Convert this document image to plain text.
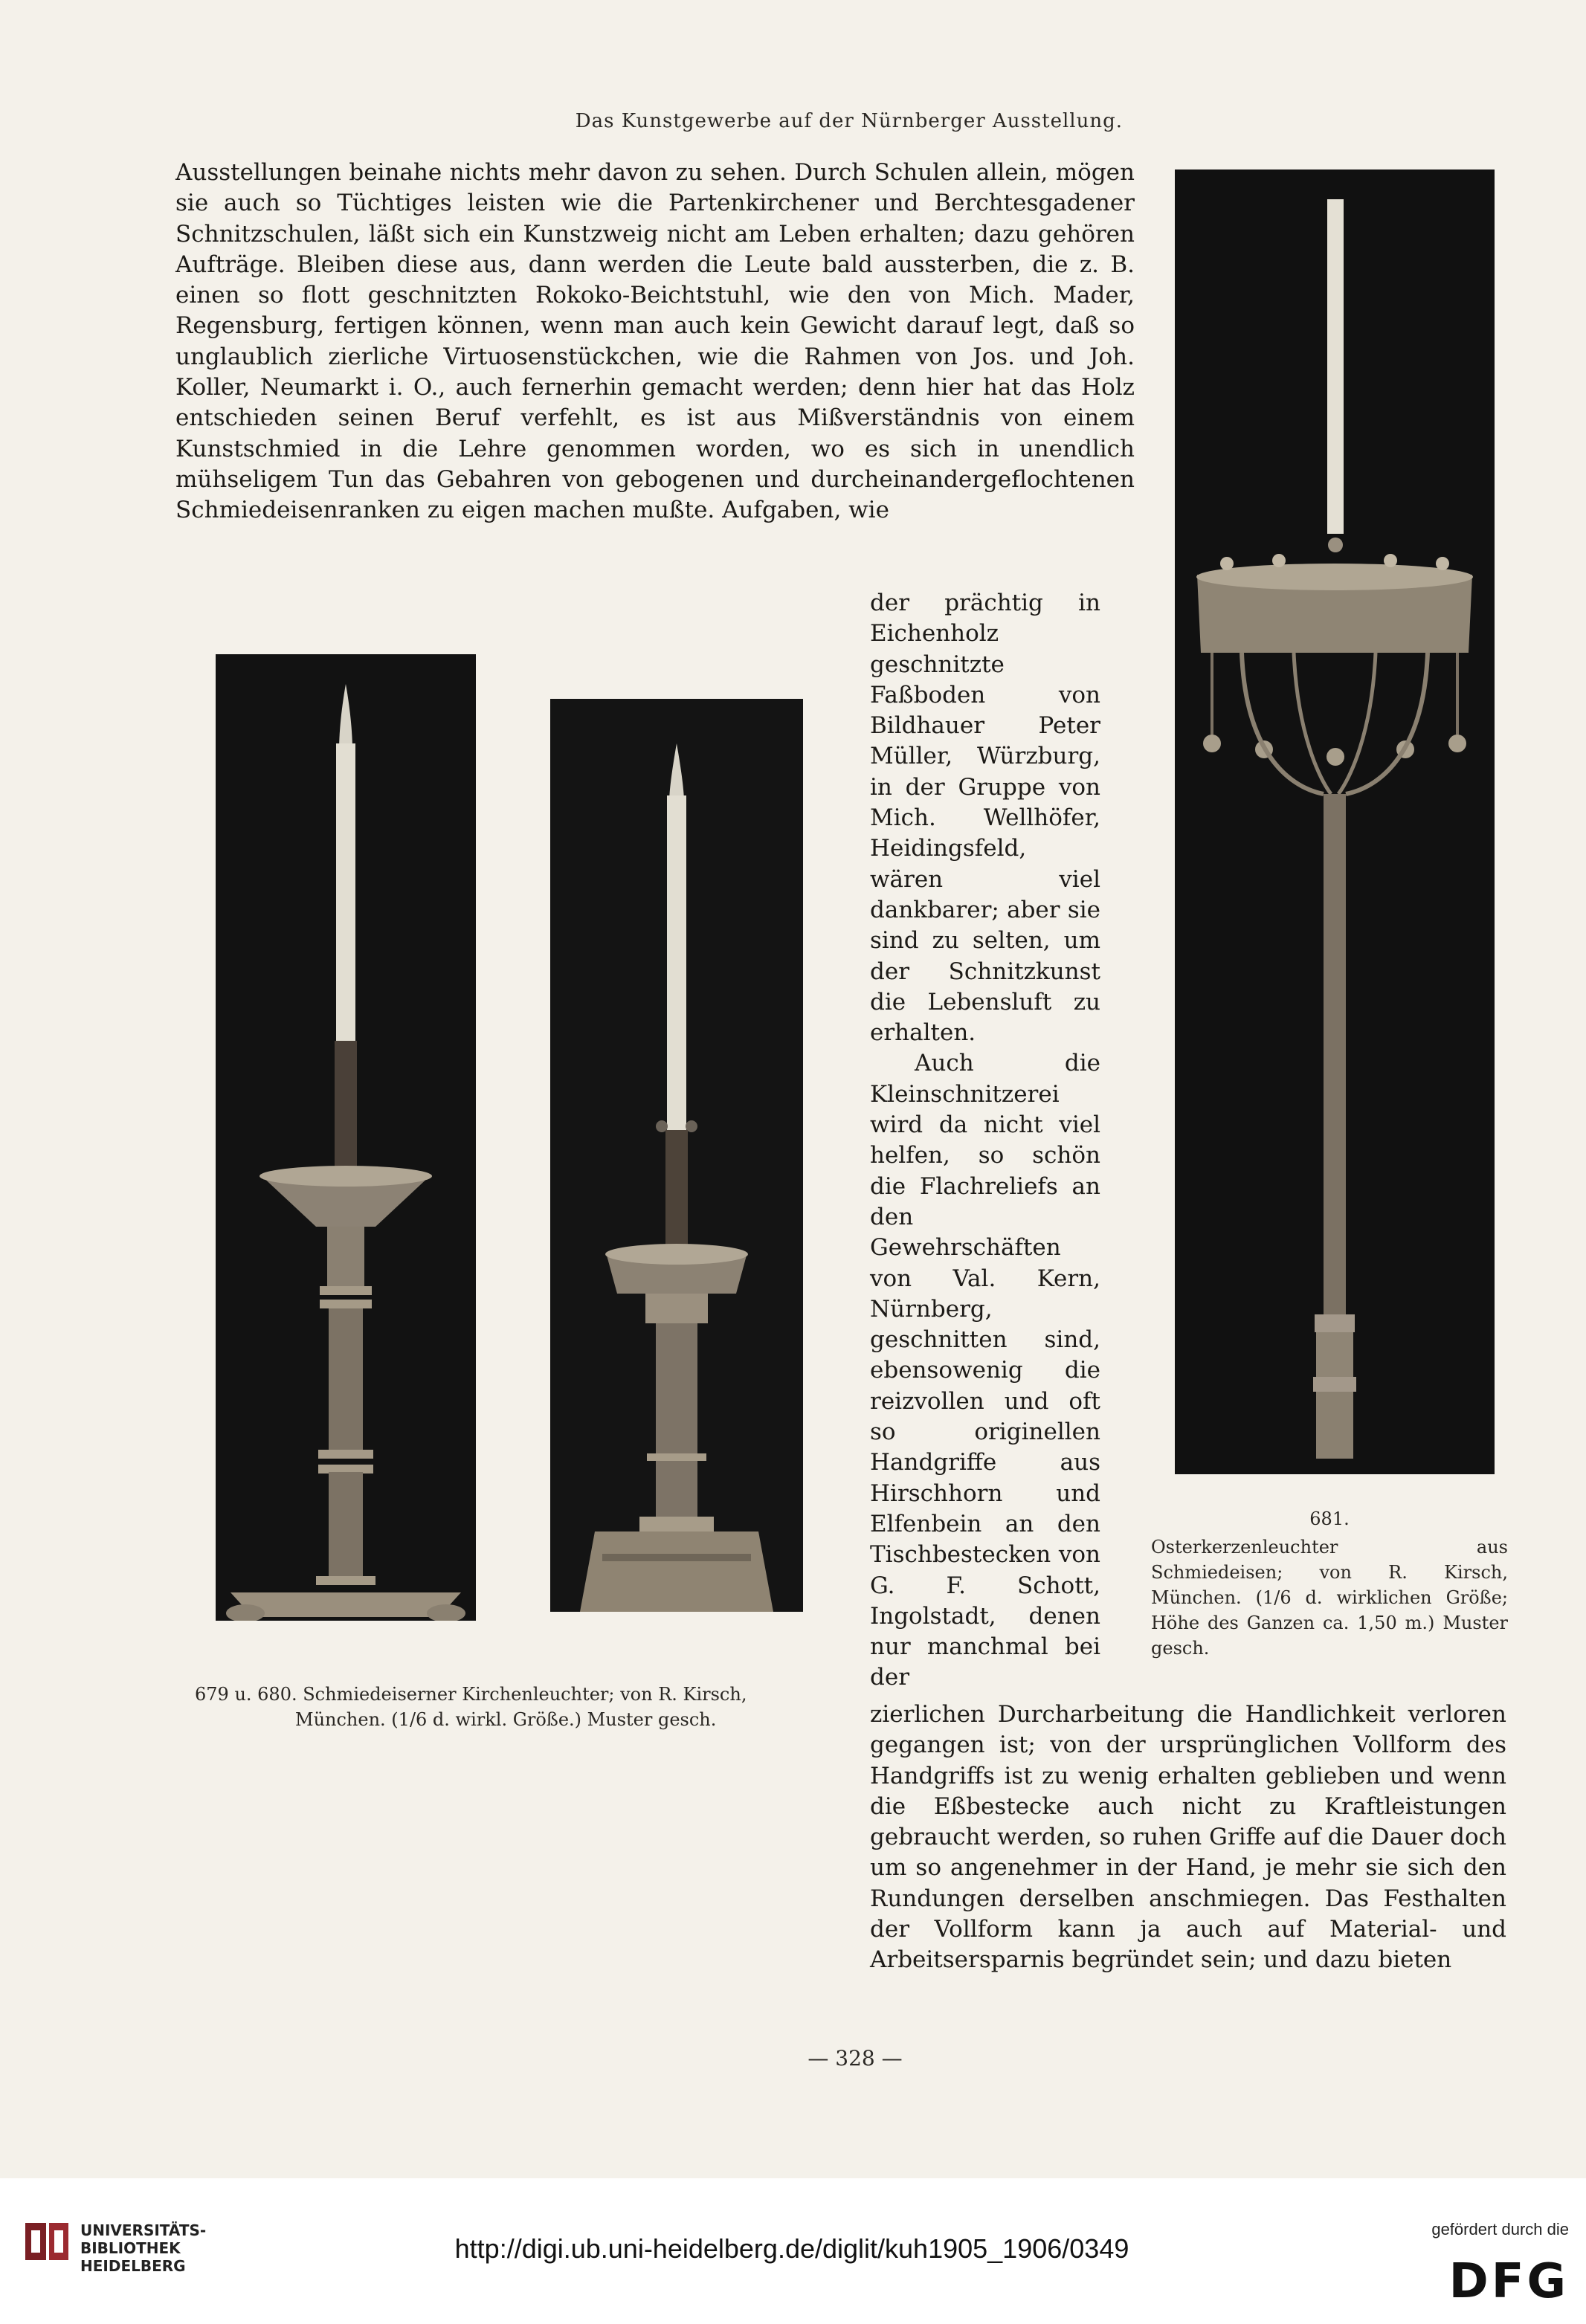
Das Kunstgewerbe auf der Nürnberger Ausstellung.

Ausstellungen beinahe nichts mehr davon zu sehen. Durch Schulen allein, mögen sie auch so Tüchtiges leisten wie die Partenkirchener und Berchtesgadener Schnitzschulen, läßt sich ein Kunstzweig nicht am Leben erhalten; dazu gehören Aufträge. Bleiben diese aus, dann werden die Leute bald aussterben, die z. B. einen so flott geschnitzten Rokoko-Beichtstuhl, wie den von Mich. Mader, Regensburg, fertigen können, wenn man auch kein Gewicht darauf legt, daß so unglaublich zierliche Virtuosenstückchen, wie die Rahmen von Jos. und Joh. Koller, Neumarkt i. O., auch fernerhin gemacht werden; denn hier hat das Holz entschieden seinen Beruf verfehlt, es ist aus Mißverständnis von einem Kunstschmied in die Lehre genommen worden, wo es sich in unendlich mühseligem Tun das Gebahren von gebogenen und durcheinandergeflochtenen Schmiedeisenranken zu eigen machen mußte. Aufgaben, wie

der prächtig in Eichenholz geschnitzte Faßboden von Bildhauer Peter Müller, Würzburg, in der Gruppe von Mich. Wellhöfer, Heidingsfeld, wären viel dankbarer; aber sie sind zu selten, um der Schnitzkunst die Lebensluft zu erhalten.

Auch die Kleinschnitzerei wird da nicht viel helfen, so schön die Flachreliefs an den Gewehrschäften von Val. Kern, Nürnberg, geschnitten sind, ebensowenig die reizvollen und oft so originellen Handgriffe aus Hirschhorn und Elfenbein an den Tischbestecken von G. F. Schott, Ingolstadt, denen nur manchmal bei der

zierlichen Durcharbeitung die Handlichkeit verloren gegangen ist; von der ursprünglichen Vollform des Handgriffs ist zu wenig erhalten geblieben und wenn die Eßbestecke auch nicht zu Kraftleistungen gebraucht werden, so ruhen Griffe auf die Dauer doch um so angenehmer in der Hand, je mehr sie sich den Rundungen derselben anschmiegen. Das Festhalten der Vollform kann ja auch auf Material- und Arbeitsersparnis begründet sein; und dazu bieten

679 u. 680. Schmiedeiserner Kirchenleuchter; von R. Kirsch,
München. (1/6 d. wirkl. Größe.) Muster gesch.
681.
Osterkerzenleuchter aus Schmiedeisen; von R. Kirsch, München. (1/6 d. wirklichen Größe; Höhe des Ganzen ca. 1,50 m.) Muster gesch.
— 328 —
UNIVERSITÄTS-
BIBLIOTHEK
HEIDELBERG
http://digi.ub.uni-heidelberg.de/diglit/kuh1905_1906/0349
gefördert durch die
DFG
